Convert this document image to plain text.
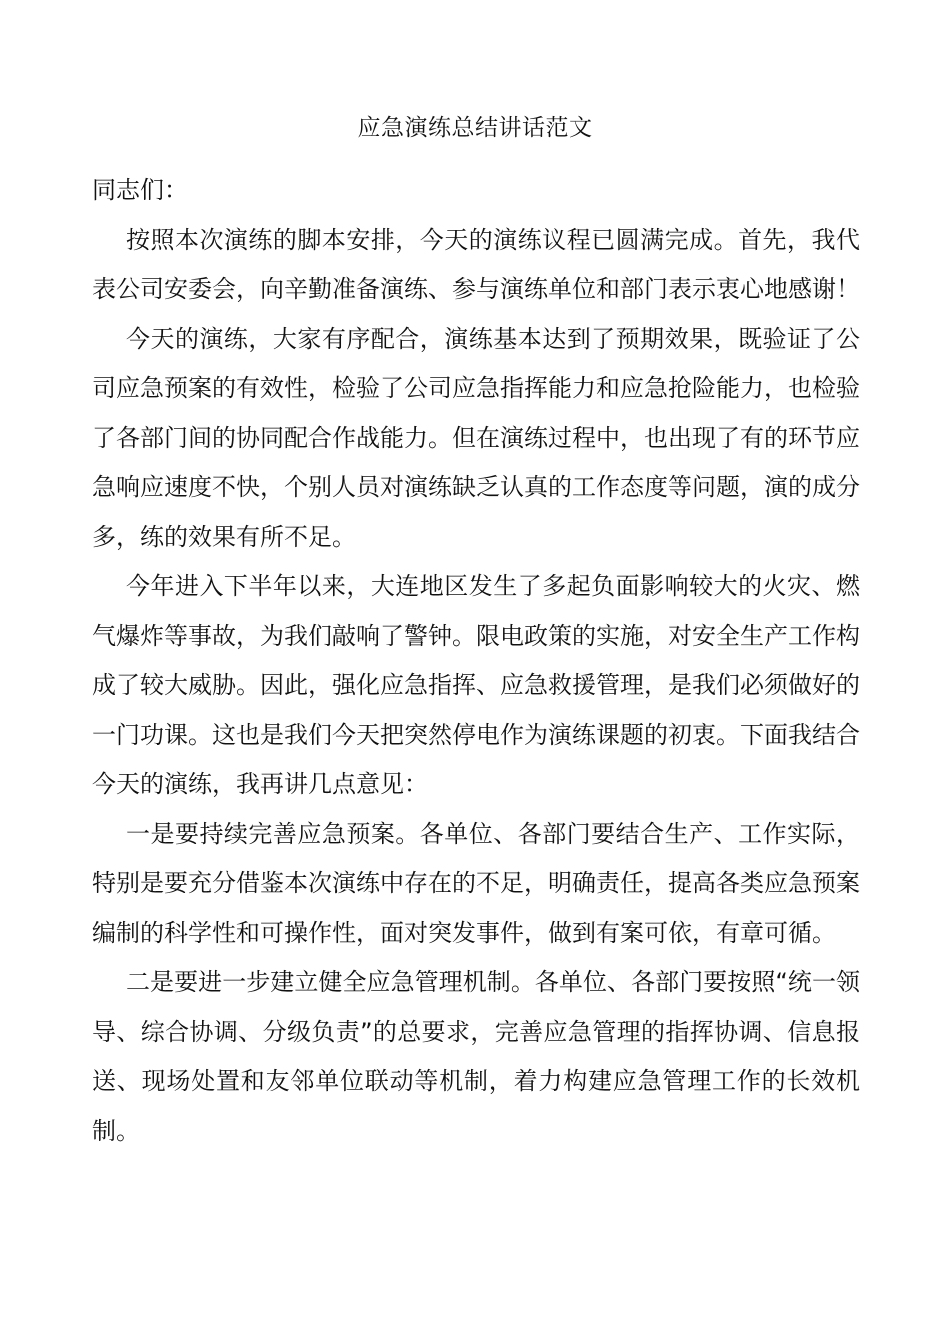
应急演练总结讲话范文

同志们：

按照本次演练的脚本安排，今天的演练议程已圆满完成。首先，我代表公司安委会，向辛勤准备演练、参与演练单位和部门表示衷心地感谢！

今天的演练，大家有序配合，演练基本达到了预期效果，既验证了公司应急预案的有效性，检验了公司应急指挥能力和应急抢险能力，也检验了各部门间的协同配合作战能力。但在演练过程中，也出现了有的环节应急响应速度不快，个别人员对演练缺乏认真的工作态度等问题，演的成分多，练的效果有所不足。

今年进入下半年以来，大连地区发生了多起负面影响较大的火灾、燃气爆炸等事故，为我们敲响了警钟。限电政策的实施，对安全生产工作构成了较大威胁。因此，强化应急指挥、应急救援管理，是我们必须做好的一门功课。这也是我们今天把突然停电作为演练课题的初衷。下面我结合今天的演练，我再讲几点意见：

一是要持续完善应急预案。各单位、各部门要结合生产、工作实际，特别是要充分借鉴本次演练中存在的不足，明确责任，提高各类应急预案编制的科学性和可操作性，面对突发事件，做到有案可依，有章可循。

二是要进一步建立健全应急管理机制。各单位、各部门要按照“统一领导、综合协调、分级负责”的总要求，完善应急管理的指挥协调、信息报送、现场处置和友邻单位联动等机制，着力构建应急管理工作的长效机制。
